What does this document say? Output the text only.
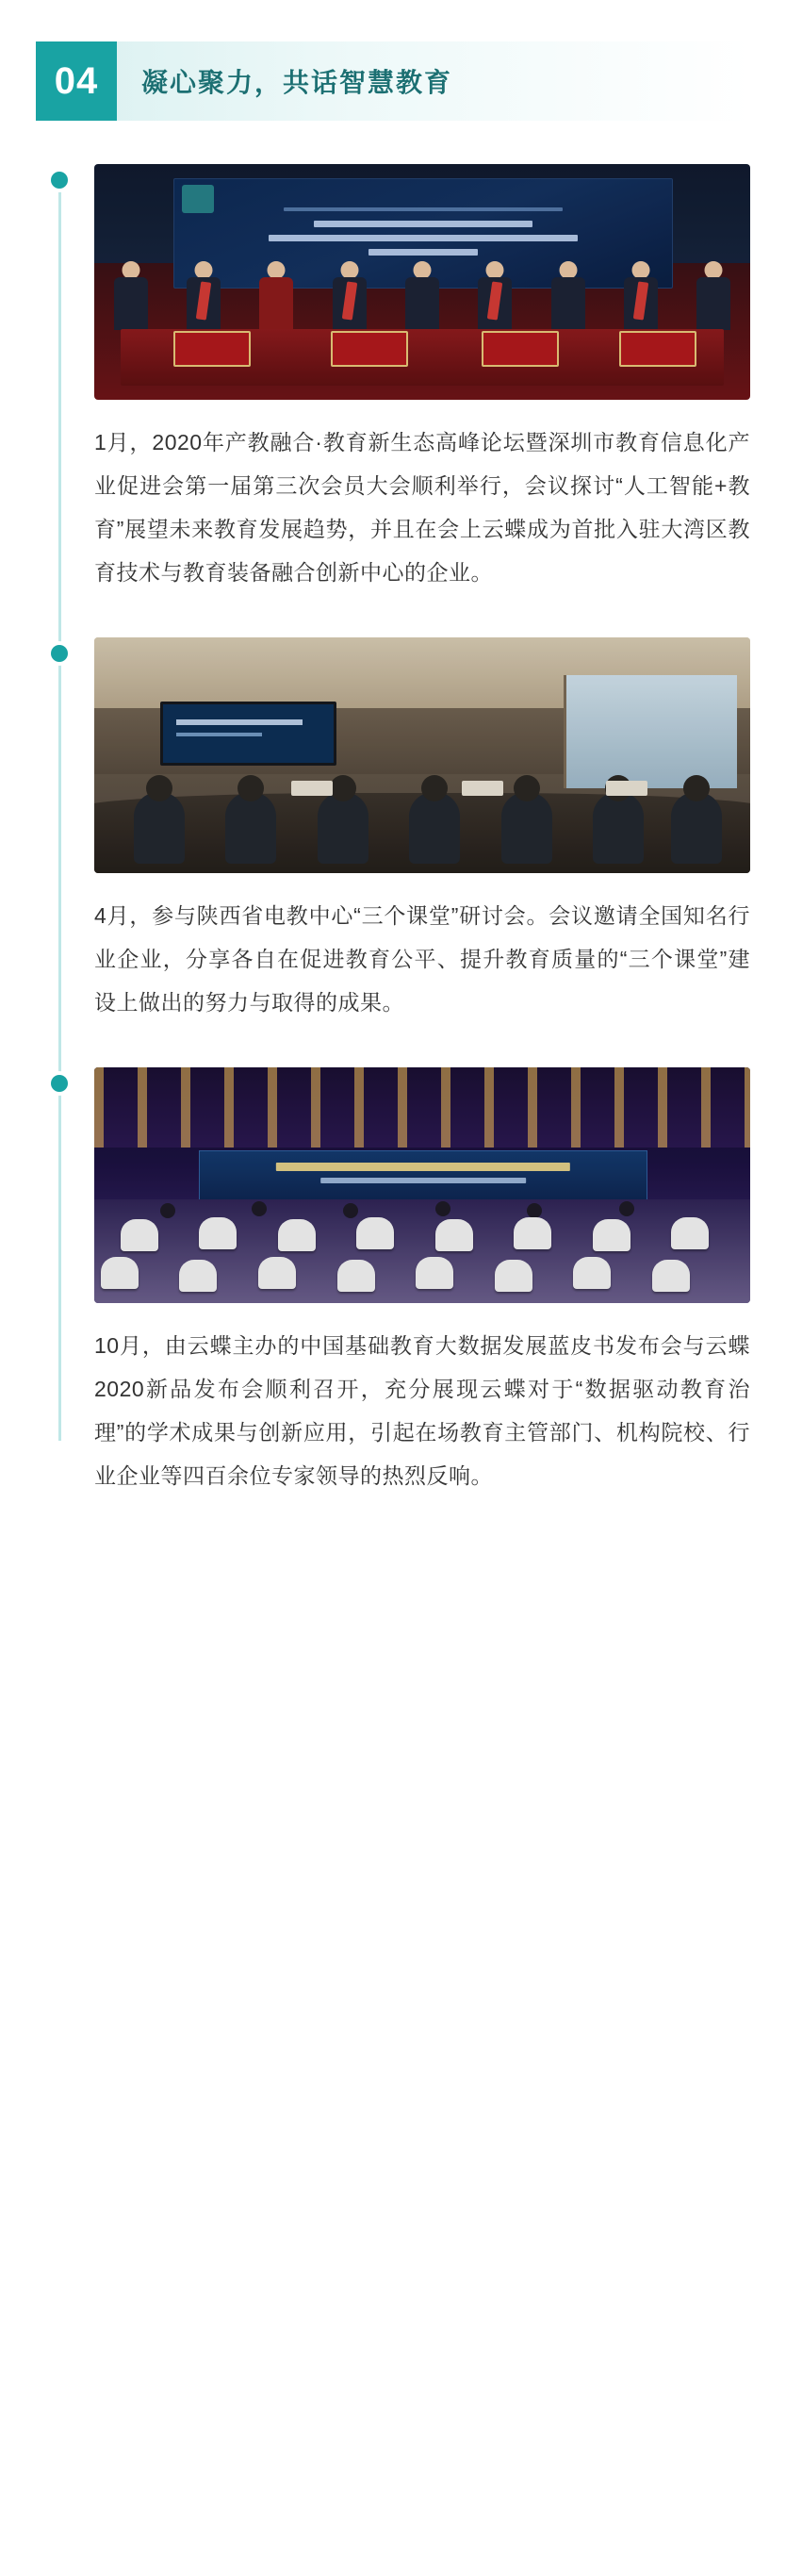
04	凝心聚力，共话智慧教育
1月，2020年产教融合·教育新生态高峰论坛暨深圳市教育信息化产业促进会第一届第三次会员大会顺利举行，会议探讨“人工智能+教育”展望未来教育发展趋势，并且在会上云蝶成为首批入驻大湾区教育技术与教育装备融合创新中心的企业。
4月，参与陕西省电教中心“三个课堂”研讨会。会议邀请全国知名行业企业，分享各自在促进教育公平、提升教育质量的“三个课堂”建设上做出的努力与取得的成果。
10月，由云蝶主办的中国基础教育大数据发展蓝皮书发布会与云蝶2020新品发布会顺利召开，充分展现云蝶对于“数据驱动教育治理”的学术成果与创新应用，引起在场教育主管部门、机构院校、行业企业等四百余位专家领导的热烈反响。
